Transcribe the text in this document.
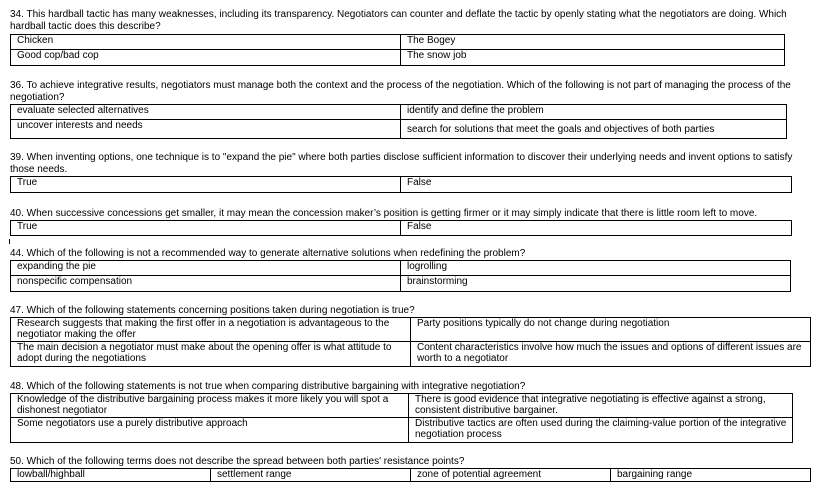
34. This hardball tactic has many weaknesses, including its transparency. Negotiators can counter and deflate the tactic by openly stating what the negotiators are doing. Which hardball tactic does this describe?

Chicken	The Bogey
Good cop/bad cop	The snow job

36. To achieve integrative results, negotiators must manage both the context and the process of the negotiation. Which of the following is not part of managing the process of the negotiation?

evaluate selected alternatives	identify and define the problem
uncover interests and needs	search for solutions that meet the goals and objectives of both parties

39. When inventing options, one technique is to "expand the pie" where both parties disclose sufficient information to discover their underlying needs and invent options to satisfy those needs.

True	False

40. When successive concessions get smaller, it may mean the concession maker’s position is getting firmer or it may simply indicate that there is little room left to move.

True	False

44. Which of the following is not a recommended way to generate alternative solutions when redefining the problem?

expanding the pie	logrolling
nonspecific compensation	brainstorming

47. Which of the following statements concerning positions taken during negotiation is true?

Research suggests that making the first offer in a negotiation is advantageous to the negotiator making the offer	Party positions typically do not change during negotiation
The main decision a negotiator must make about the opening offer is what attitude to adopt during the negotiations	Content characteristics involve how much the issues and options of different issues are worth to a negotiator

48. Which of the following statements is not true when comparing distributive bargaining with integrative negotiation?

Knowledge of the distributive bargaining process makes it more likely you will spot a dishonest negotiator	There is good evidence that integrative negotiating is effective against a strong, consistent distributive bargainer.
Some negotiators use a purely distributive approach	Distributive tactics are often used during the claiming-value portion of the integrative negotiation process

50. Which of the following terms does not describe the spread between both parties' resistance points?

lowball/highball	settlement range	zone of potential agreement	bargaining range
